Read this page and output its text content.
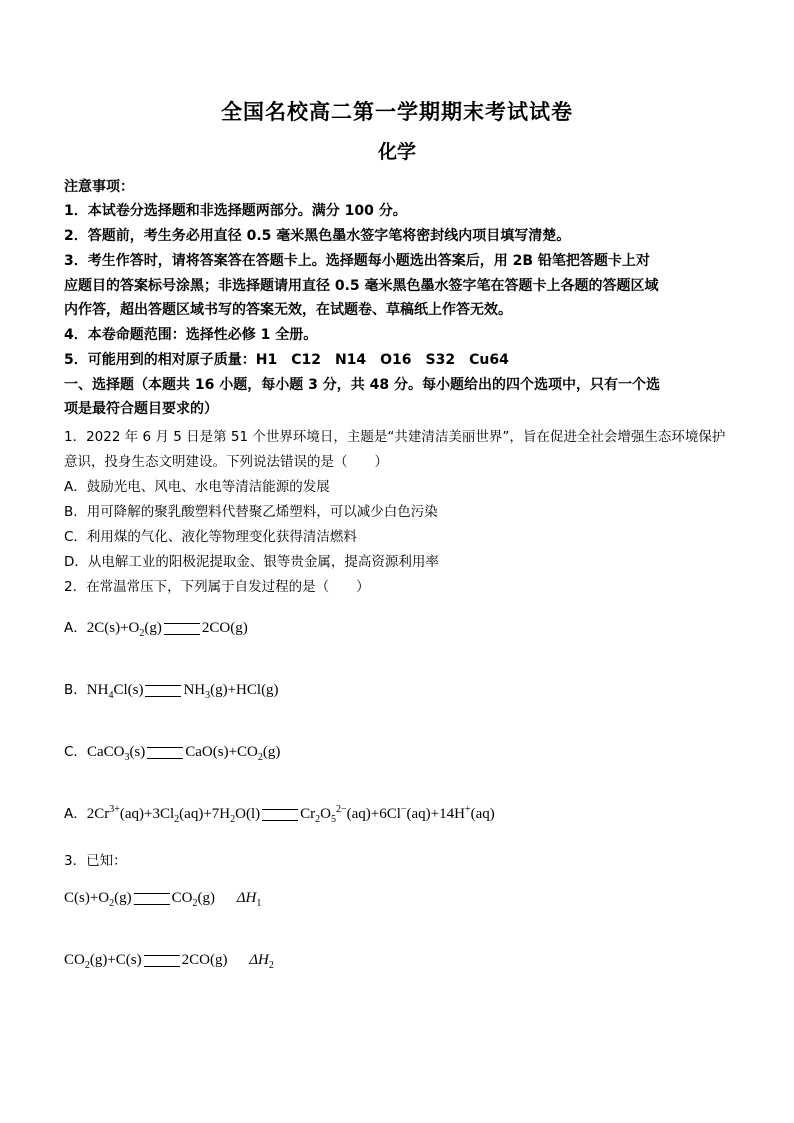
全国名校高二第一学期期末考试试卷
化学
注意事项：
1．本试卷分选择题和非选择题两部分。满分 100 分。
2．答题前，考生务必用直径 0.5 毫米黑色墨水签字笔将密封线内项目填写清楚。
3．考生作答时，请将答案答在答题卡上。选择题每小题选出答案后，用 2B 铅笔把答题卡上对
应题目的答案标号涂黑；非选择题请用直径 0.5 毫米黑色墨水签字笔在答题卡上各题的答题区域
内作答，超出答题区域书写的答案无效，在试题卷、草稿纸上作答无效。
4．本卷命题范围：选择性必修 1 全册。
5．可能用到的相对原子质量：H1　C12　N14　O16　S32　Cu64
一、选择题（本题共 16 小题，每小题 3 分，共 48 分。每小题给出的四个选项中，只有一个选
项是最符合题目要求的）
1．2022 年 6 月 5 日是第 51 个世界环境日，主题是“共建清洁美丽世界”，旨在促进全社会增强生态环境保护
意识，投身生态文明建设。下列说法错误的是（　　）
A．鼓励光电、风电、水电等清洁能源的发展
B．用可降解的聚乳酸塑料代替聚乙烯塑料，可以减少白色污染
C．利用煤的气化、液化等物理变化获得清洁燃料
D．从电解工业的阳极泥提取金、银等贵金属，提高资源利用率
2．在常温常压下，下列属于自发过程的是（　　）
A．$2C(s)+O_2(g)$	2CO(g)
B．$NH_4Cl(s)$	$NH_3(g)+HCl(g)$
C．CaCO$_3$(s)	$CaO(s)+CO_2(g)$
A．$2Cr^{3+}(aq)+3Cl_2(aq)+7H_2O(l)$	$Cr_2O_5^{2-}(aq)+6Cl^-(aq)+14H^+(aq)$
3．已知：
$C(s)+O_2(g)$	$CO_2(g)$ $\Delta H_1$
$CO_2(g)+C(s)$	2CO(g) $\Delta H_2$
